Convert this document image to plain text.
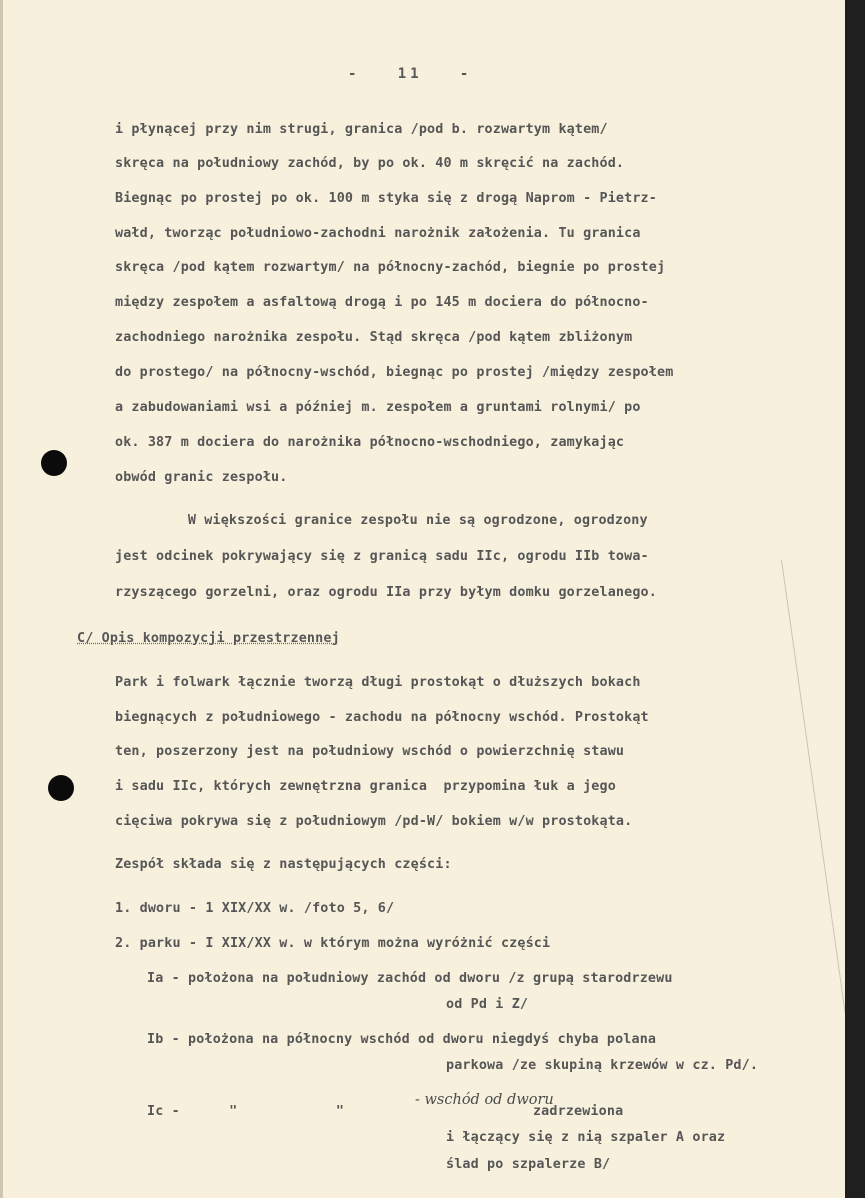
-   11   -
i płynącej przy nim strugi, granica /pod b. rozwartym kątem/
skręca na południowy zachód, by po ok. 40 m skręcić na zachód.
Biegnąc po prostej po ok. 100 m styka się z drogą Naprom - Pietrz-
wałd, tworząc południowo-zachodni narożnik założenia. Tu granica
skręca /pod kątem rozwartym/ na północny-zachód, biegnie po prostej
między zespołem a asfaltową drogą i po 145 m dociera do północno-
zachodniego narożnika zespołu. Stąd skręca /pod kątem zbliżonym
do prostego/ na północny-wschód, biegnąc po prostej /między zespołem
a zabudowaniami wsi a później m. zespołem a gruntami rolnymi/ po
ok. 387 m dociera do narożnika północno-wschodniego, zamykając
obwód granic zespołu.
W większości granice zespołu nie są ogrodzone, ogrodzony
jest odcinek pokrywający się z granicą sadu IIc, ogrodu IIb towa-
rzyszącego gorzelni, oraz ogrodu IIa przy byłym domku gorzelanego.
C/ Opis kompozycji przestrzennej
Park i folwark łącznie tworzą długi prostokąt o dłuższych bokach
biegnących z południowego - zachodu na północny wschód. Prostokąt
ten, poszerzony jest na południowy wschód o powierzchnię stawu
i sadu IIc, których zewnętrzna granica  przypomina łuk a jego
cięciwa pokrywa się z południowym /pd-W/ bokiem w/w prostokąta.
Zespół składa się z następujących części:
1. dworu - 1 XIX/XX w. /foto 5, 6/
2. parku - I XIX/XX w. w którym można wyróżnić części
Ia - położona na południowy zachód od dworu /z grupą starodrzewu
od Pd i Z/
Ib - położona na północny wschód od dworu niegdyś chyba polana
parkowa /ze skupiną krzewów w cz. Pd/.
Ic -      "            "                       zadrzewiona
- wschód od dworu
i łączący się z nią szpaler A oraz
ślad po szpalerze B/
